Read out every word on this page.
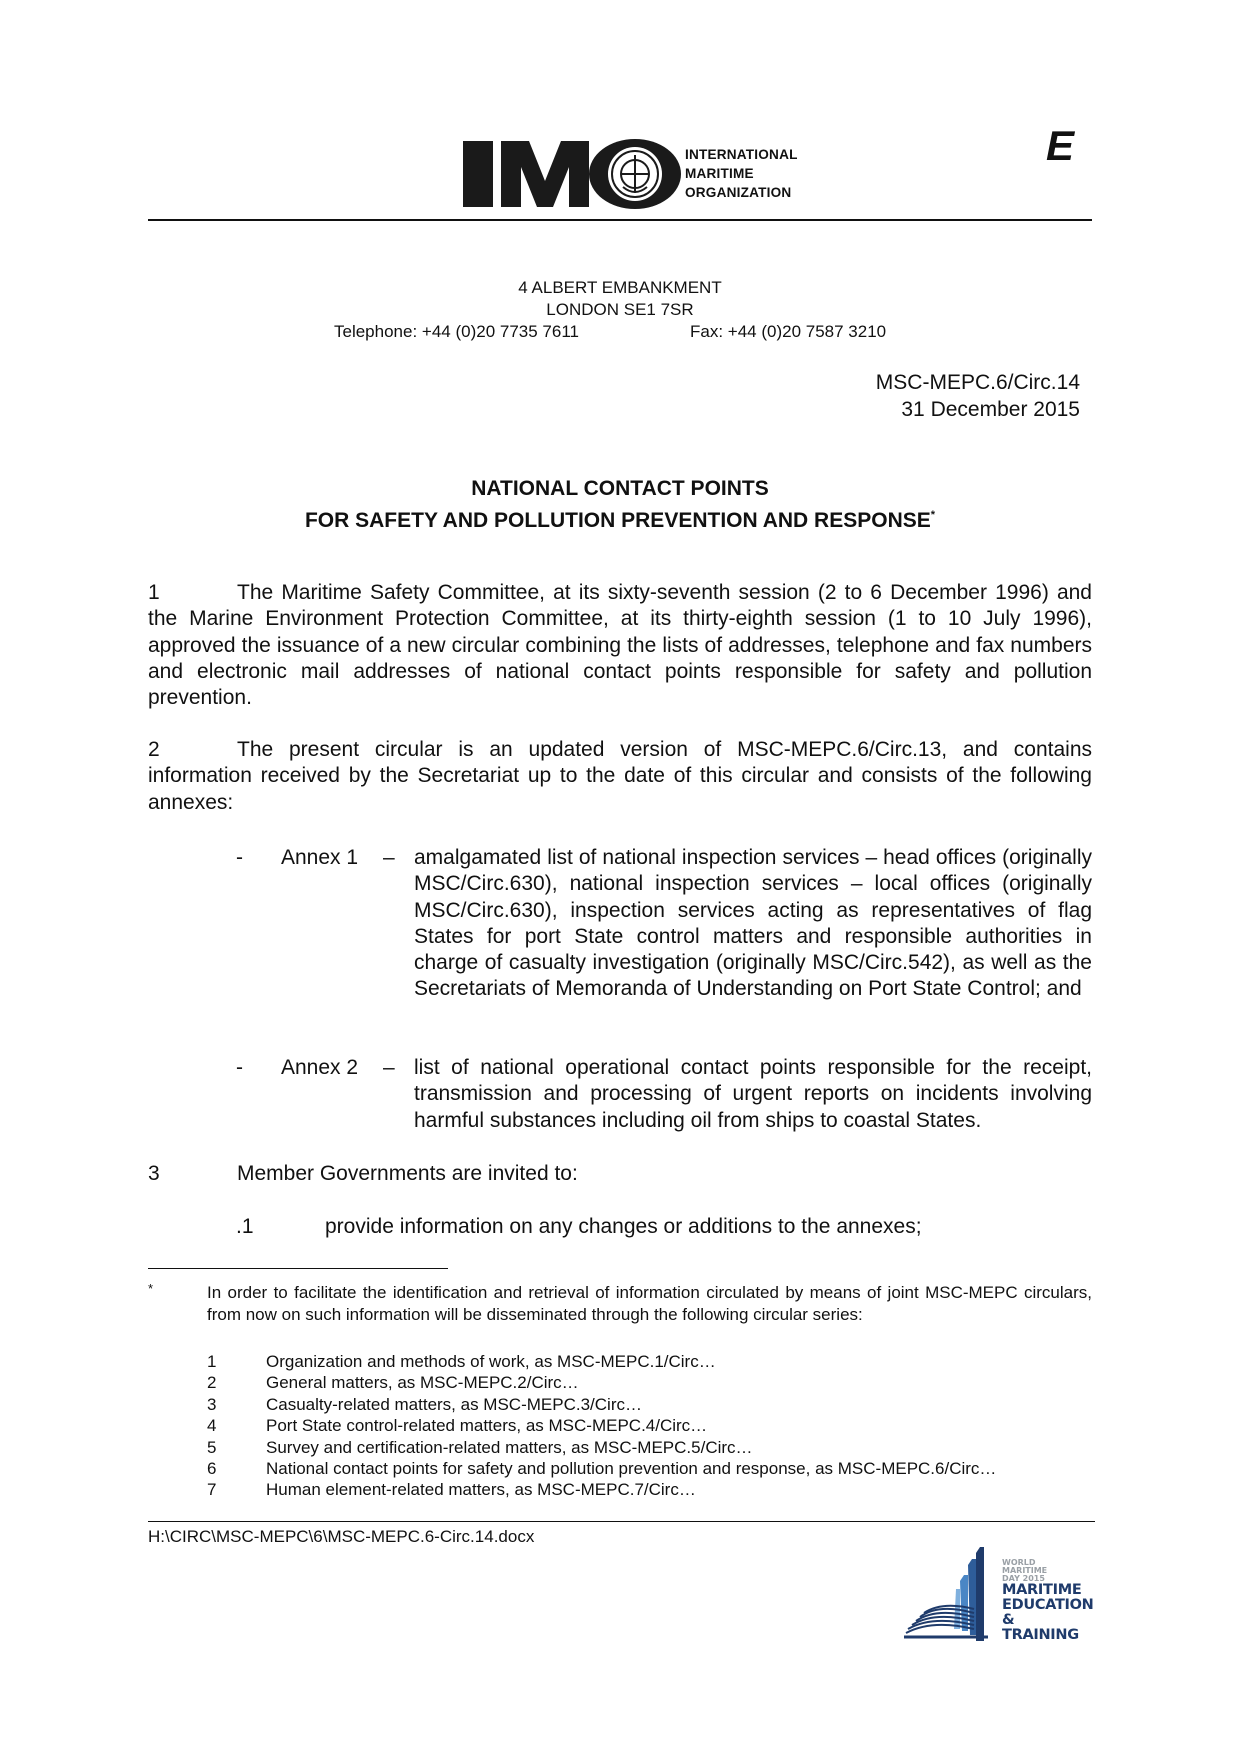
INTERNATIONAL
MARITIME
ORGANIZATION
E
4 ALBERT EMBANKMENT
LONDON SE1 7SR
Telephone: +44 (0)20 7735 7611	Fax: +44 (0)20 7587 3210
MSC-MEPC.6/Circ.14
31 December 2015
NATIONAL CONTACT POINTS
FOR SAFETY AND POLLUTION PREVENTION AND RESPONSE*
1	The Maritime Safety Committee, at its sixty-seventh session (2 to 6 December 1996) and the Marine Environment Protection Committee, at its thirty-eighth session (1 to 10 July 1996), approved the issuance of a new circular combining the lists of addresses, telephone and fax numbers and electronic mail addresses of national contact points responsible for safety and pollution prevention.
2	The present circular is an updated version of MSC-MEPC.6/Circ.13, and contains information received by the Secretariat up to the date of this circular and consists of the following annexes:
- Annex 1 – amalgamated list of national inspection services – head offices (originally MSC/Circ.630), national inspection services – local offices (originally MSC/Circ.630), inspection services acting as representatives of flag States for port State control matters and responsible authorities in charge of casualty investigation (originally MSC/Circ.542), as well as the Secretariats of Memoranda of Understanding on Port State Control; and
- Annex 2 – list of national operational contact points responsible for the receipt, transmission and processing of urgent reports on incidents involving harmful substances including oil from ships to coastal States.
3	Member Governments are invited to:
.1	provide information on any changes or additions to the annexes;
*	In order to facilitate the identification and retrieval of information circulated by means of joint MSC-MEPC circulars, from now on such information will be disseminated through the following circular series:
1	Organization and methods of work, as MSC-MEPC.1/Circ…
2	General matters, as MSC-MEPC.2/Circ…
3	Casualty-related matters, as MSC-MEPC.3/Circ…
4	Port State control-related matters, as MSC-MEPC.4/Circ…
5	Survey and certification-related matters, as MSC-MEPC.5/Circ…
6	National contact points for safety and pollution prevention and response, as MSC-MEPC.6/Circ…
7	Human element-related matters, as MSC-MEPC.7/Circ…
H:\CIRC\MSC-MEPC\6\MSC-MEPC.6-Circ.14.docx
WORLD
MARITIME
DAY 2015
MARITIME
EDUCATION
& TRAINING
